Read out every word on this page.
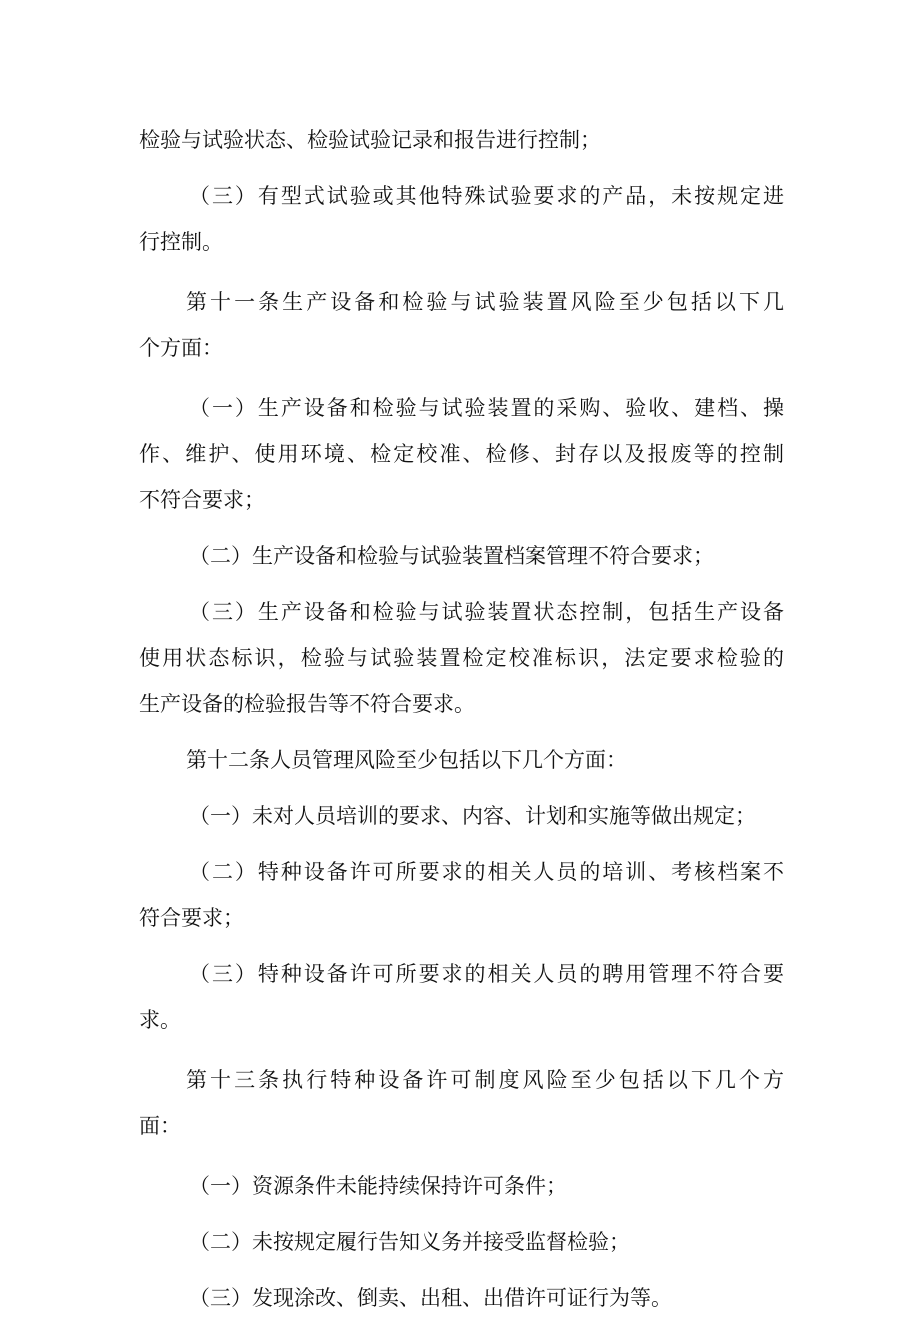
检验与试验状态、检验试验记录和报告进行控制；
（三）有型式试验或其他特殊试验要求的产品，未按规定进
行控制。
第十一条生产设备和检验与试验装置风险至少包括以下几
个方面：
（一）生产设备和检验与试验装置的采购、验收、建档、操
作、维护、使用环境、检定校准、检修、封存以及报废等的控制
不符合要求；
（二）生产设备和检验与试验装置档案管理不符合要求；
（三）生产设备和检验与试验装置状态控制，包括生产设备
使用状态标识，检验与试验装置检定校准标识，法定要求检验的
生产设备的检验报告等不符合要求。
第十二条人员管理风险至少包括以下几个方面：
（一）未对人员培训的要求、内容、计划和实施等做出规定；
（二）特种设备许可所要求的相关人员的培训、考核档案不
符合要求；
（三）特种设备许可所要求的相关人员的聘用管理不符合要
求。
第十三条执行特种设备许可制度风险至少包括以下几个方
面：
（一）资源条件未能持续保持许可条件；
（二）未按规定履行告知义务并接受监督检验；
（三）发现涂改、倒卖、出租、出借许可证行为等。
